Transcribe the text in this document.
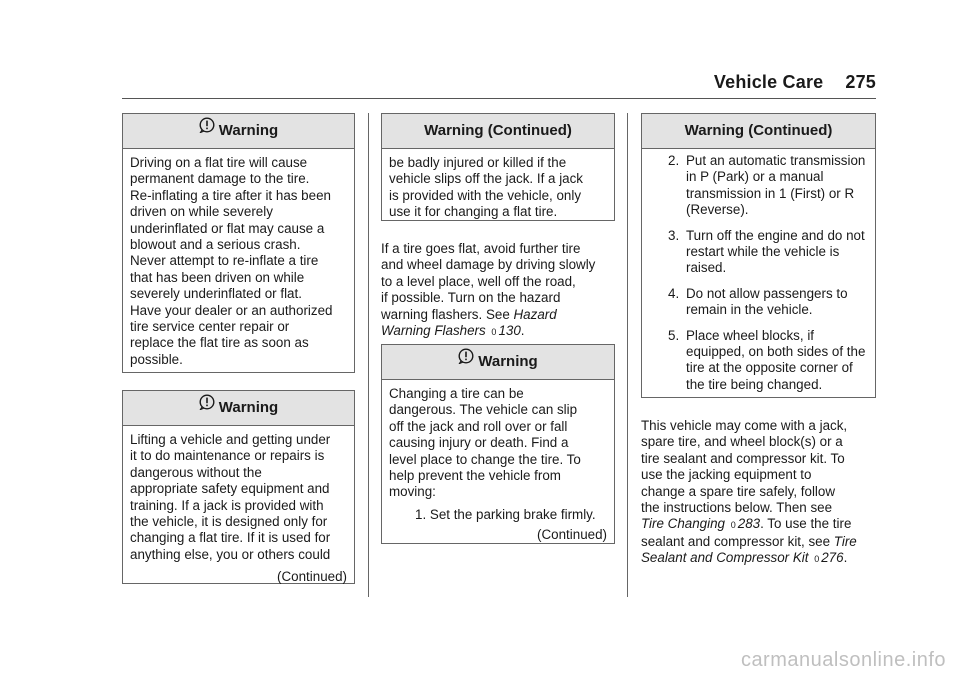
Vehicle Care 275
Warning
Driving on a flat tire will cause
permanent damage to the tire.
Re-inflating a tire after it has been
driven on while severely
underinflated or flat may cause a
blowout and a serious crash.
Never attempt to re-inflate a tire
that has been driven on while
severely underinflated or flat.
Have your dealer or an authorized
tire service center repair or
replace the flat tire as soon as
possible.
Warning
Lifting a vehicle and getting under
it to do maintenance or repairs is
dangerous without the
appropriate safety equipment and
training. If a jack is provided with
the vehicle, it is designed only for
changing a flat tire. If it is used for
anything else, you or others could
(Continued)
Warning (Continued)
be badly injured or killed if the
vehicle slips off the jack. If a jack
is provided with the vehicle, only
use it for changing a flat tire.
If a tire goes flat, avoid further tire
and wheel damage by driving slowly
to a level place, well off the road,
if possible. Turn on the hazard
warning flashers. See Hazard
Warning Flashers 0 130.
Warning
Changing a tire can be
dangerous. The vehicle can slip
off the jack and roll over or fall
causing injury or death. Find a
level place to change the tire. To
help prevent the vehicle from
moving:
1. Set the parking brake firmly.
(Continued)
Warning (Continued)
2. Put an automatic transmission in P (Park) or a manual transmission in 1 (First) or R (Reverse).
3. Turn off the engine and do not restart while the vehicle is raised.
4. Do not allow passengers to remain in the vehicle.
5. Place wheel blocks, if equipped, on both sides of the tire at the opposite corner of the tire being changed.
This vehicle may come with a jack,
spare tire, and wheel block(s) or a
tire sealant and compressor kit. To
use the jacking equipment to
change a spare tire safely, follow
the instructions below. Then see
Tire Changing 0 283. To use the tire
sealant and compressor kit, see Tire
Sealant and Compressor Kit 0 276.
carmanualsonline.info
